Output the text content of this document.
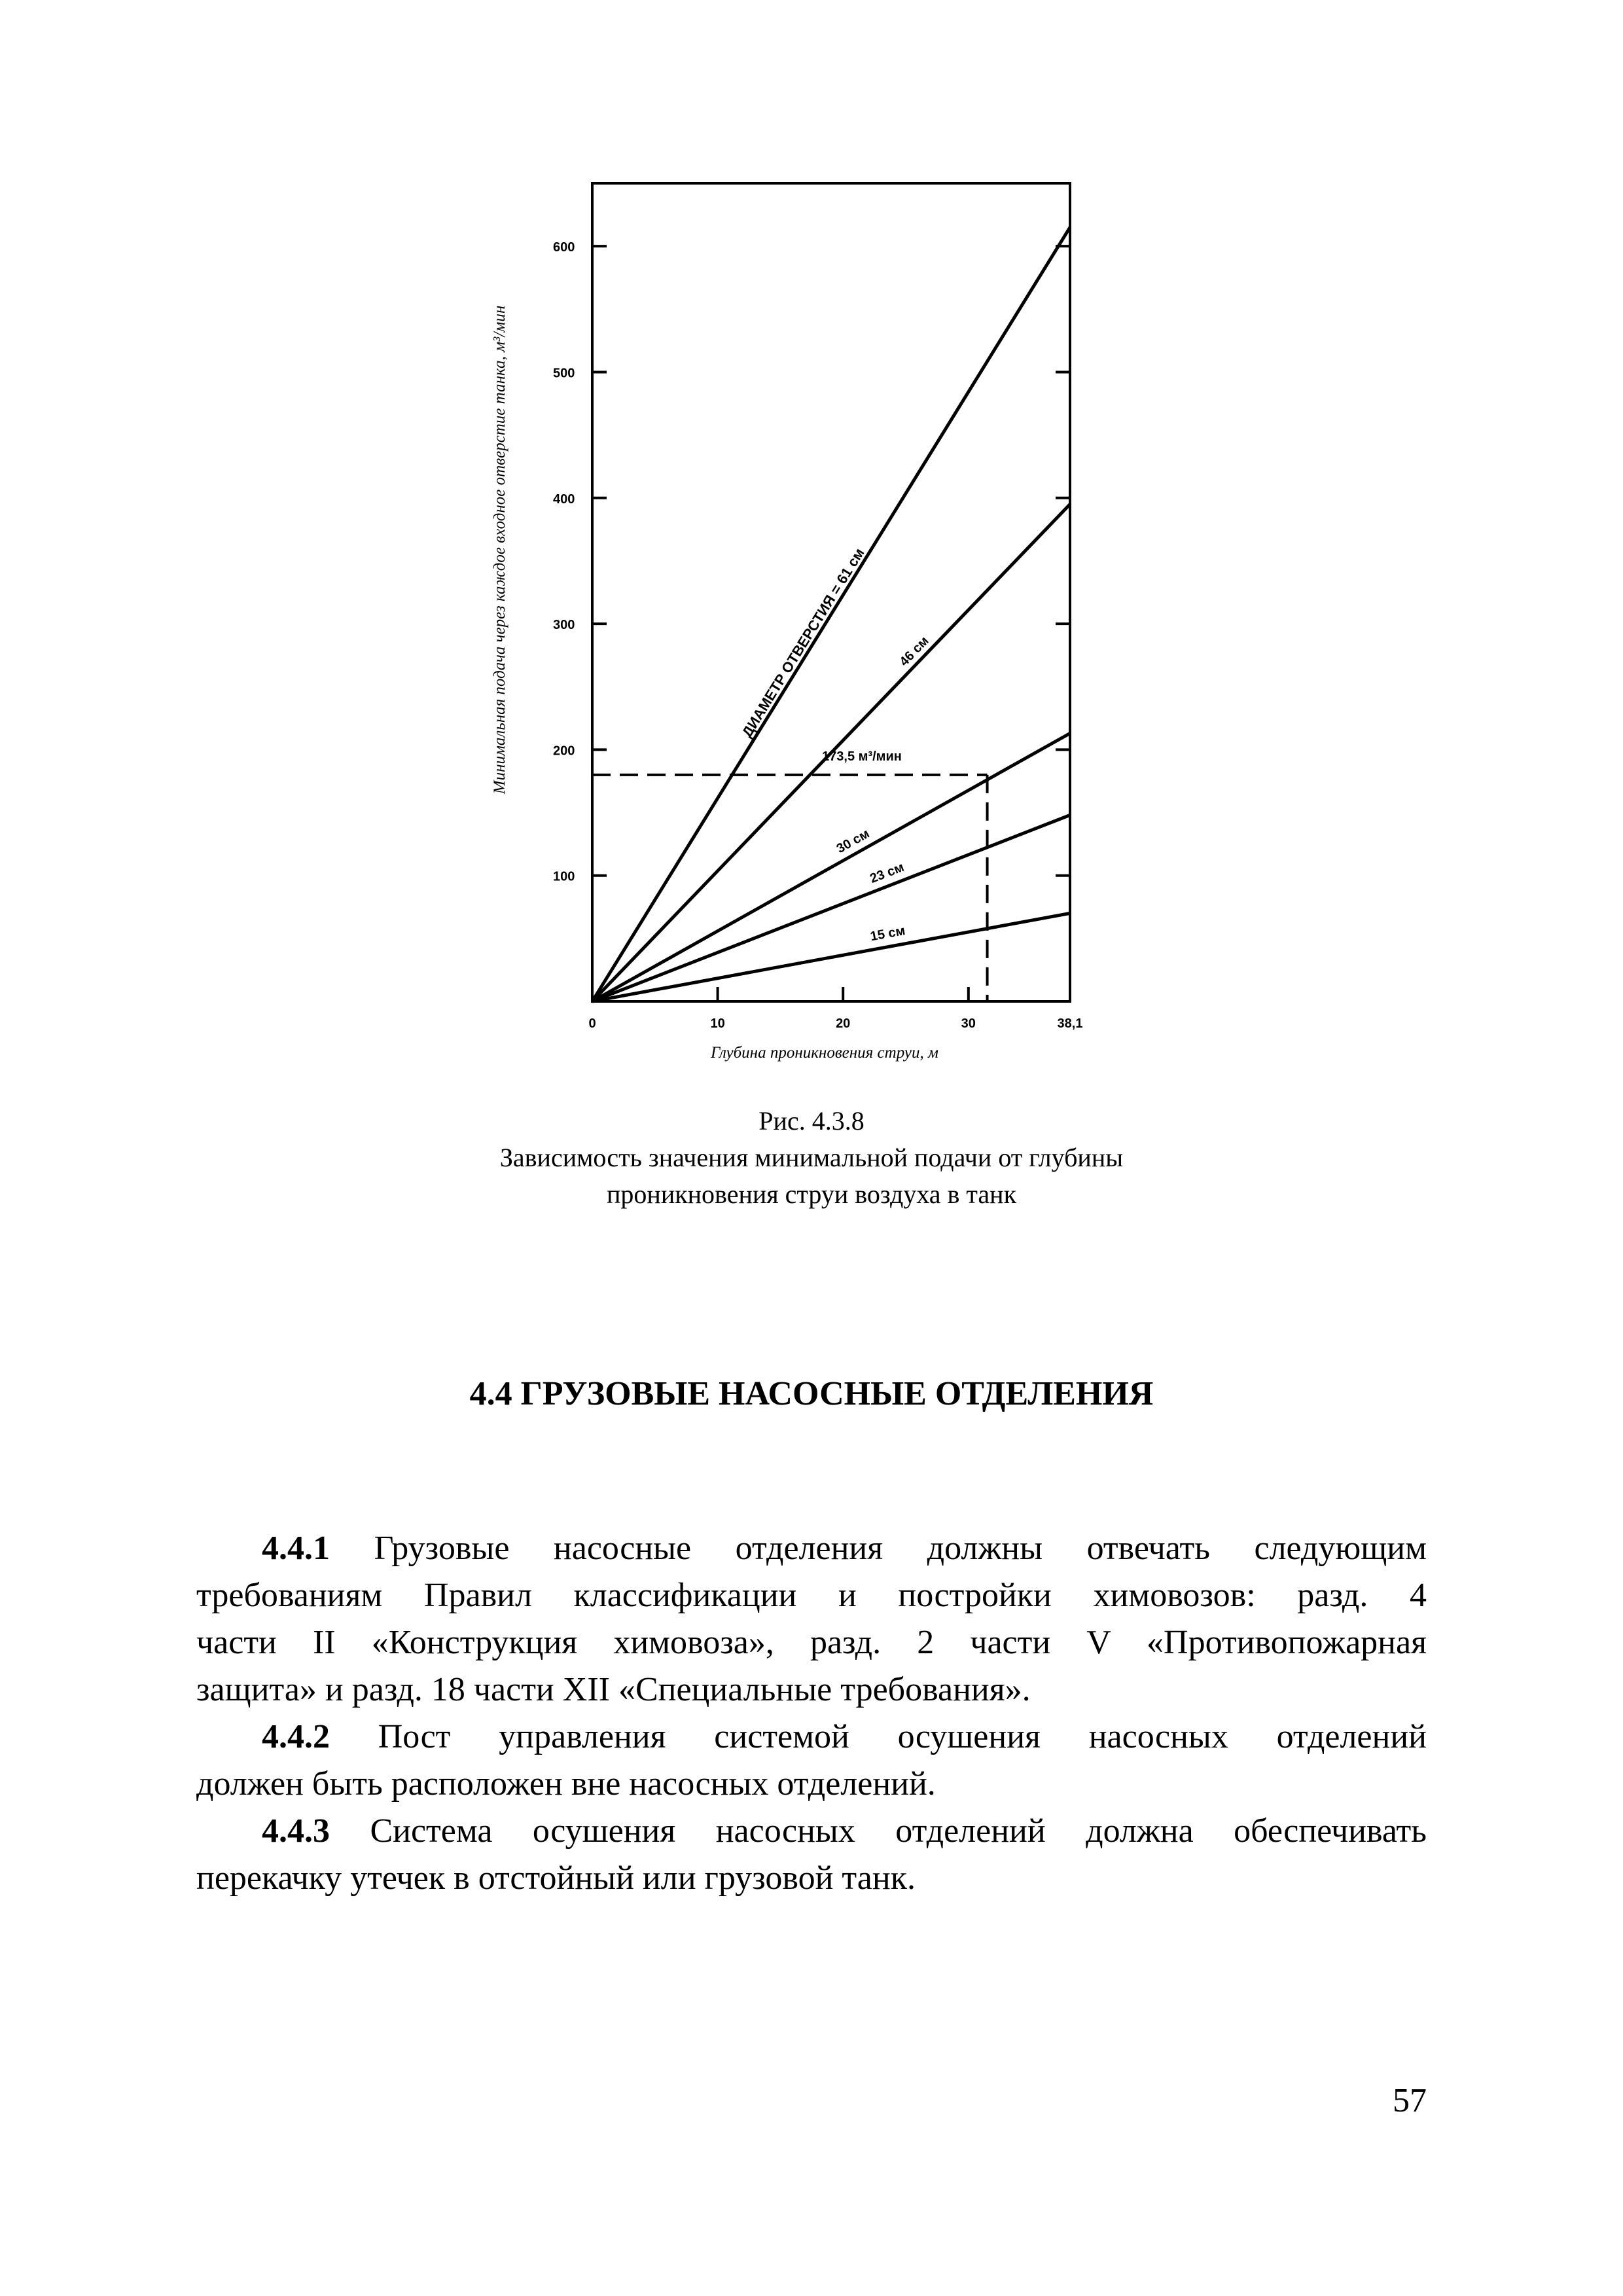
100
200
300
400
500
600
0	10	20	30	38,1
ДИАМЕТР ОТВЕРСТИЯ = 61 см 46 см
30 см
23 см
15 см
173,5 м³/мин
Минимальная подача через каждое входное отверстие танка, м³/мин
Глубина проникновения струи, м
Рис. 4.3.8
Зависимость значения минимальной подачи от глубины
проникновения струи воздуха в танк
4.4 ГРУЗОВЫЕ НАСОСНЫЕ ОТДЕЛЕНИЯ
4.4.1 Грузовые насосные отделения должны отвечать следующим
требованиям Правил классификации и постройки химовозов: разд. 4
части II «Конструкция химовоза», разд. 2 части V «Противопожарная
защита» и разд. 18 части XII «Специальные требования».
4.4.2 Пост управления системой осушения насосных отделений
должен быть расположен вне насосных отделений.
4.4.3 Система осушения насосных отделений должна обеспечивать
перекачку утечек в отстойный или грузовой танк.
57
